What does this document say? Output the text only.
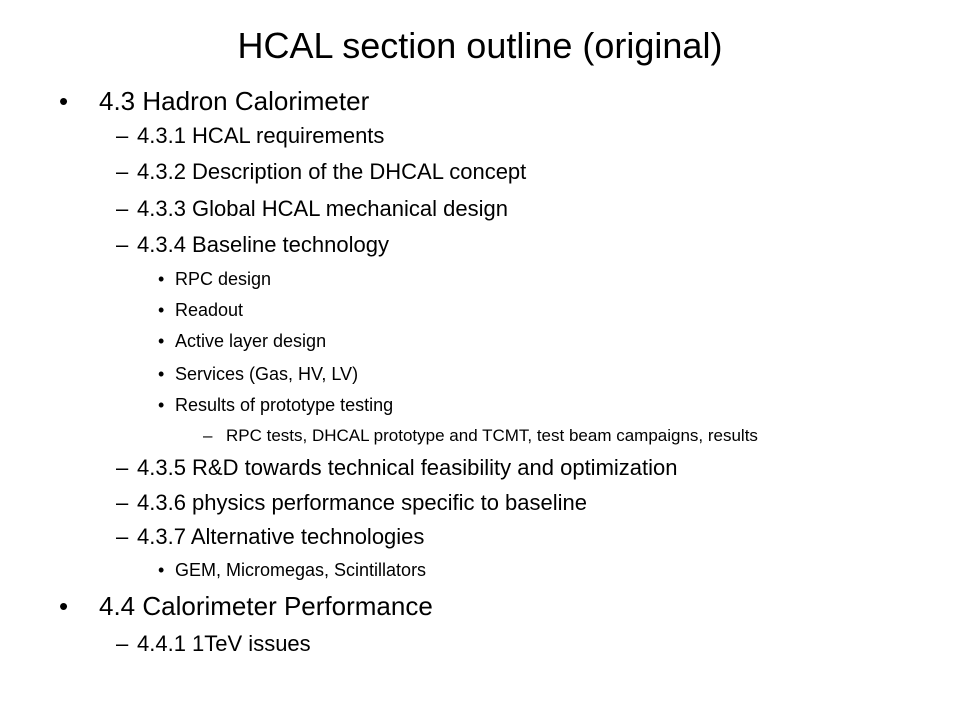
HCAL section outline (original)
•	4.3 Hadron Calorimeter
– 4.3.1 HCAL requirements
– 4.3.2 Description of the DHCAL concept
– 4.3.3 Global HCAL mechanical design
– 4.3.4 Baseline technology
• RPC design
• Readout
• Active layer design
• Services (Gas, HV, LV)
• Results of prototype testing
– RPC tests, DHCAL prototype and TCMT, test beam campaigns, results
– 4.3.5 R&D towards technical feasibility and optimization
– 4.3.6 physics performance specific to baseline
– 4.3.7 Alternative technologies
• GEM, Micromegas, Scintillators
•	4.4 Calorimeter Performance
– 4.4.1 1TeV issues
